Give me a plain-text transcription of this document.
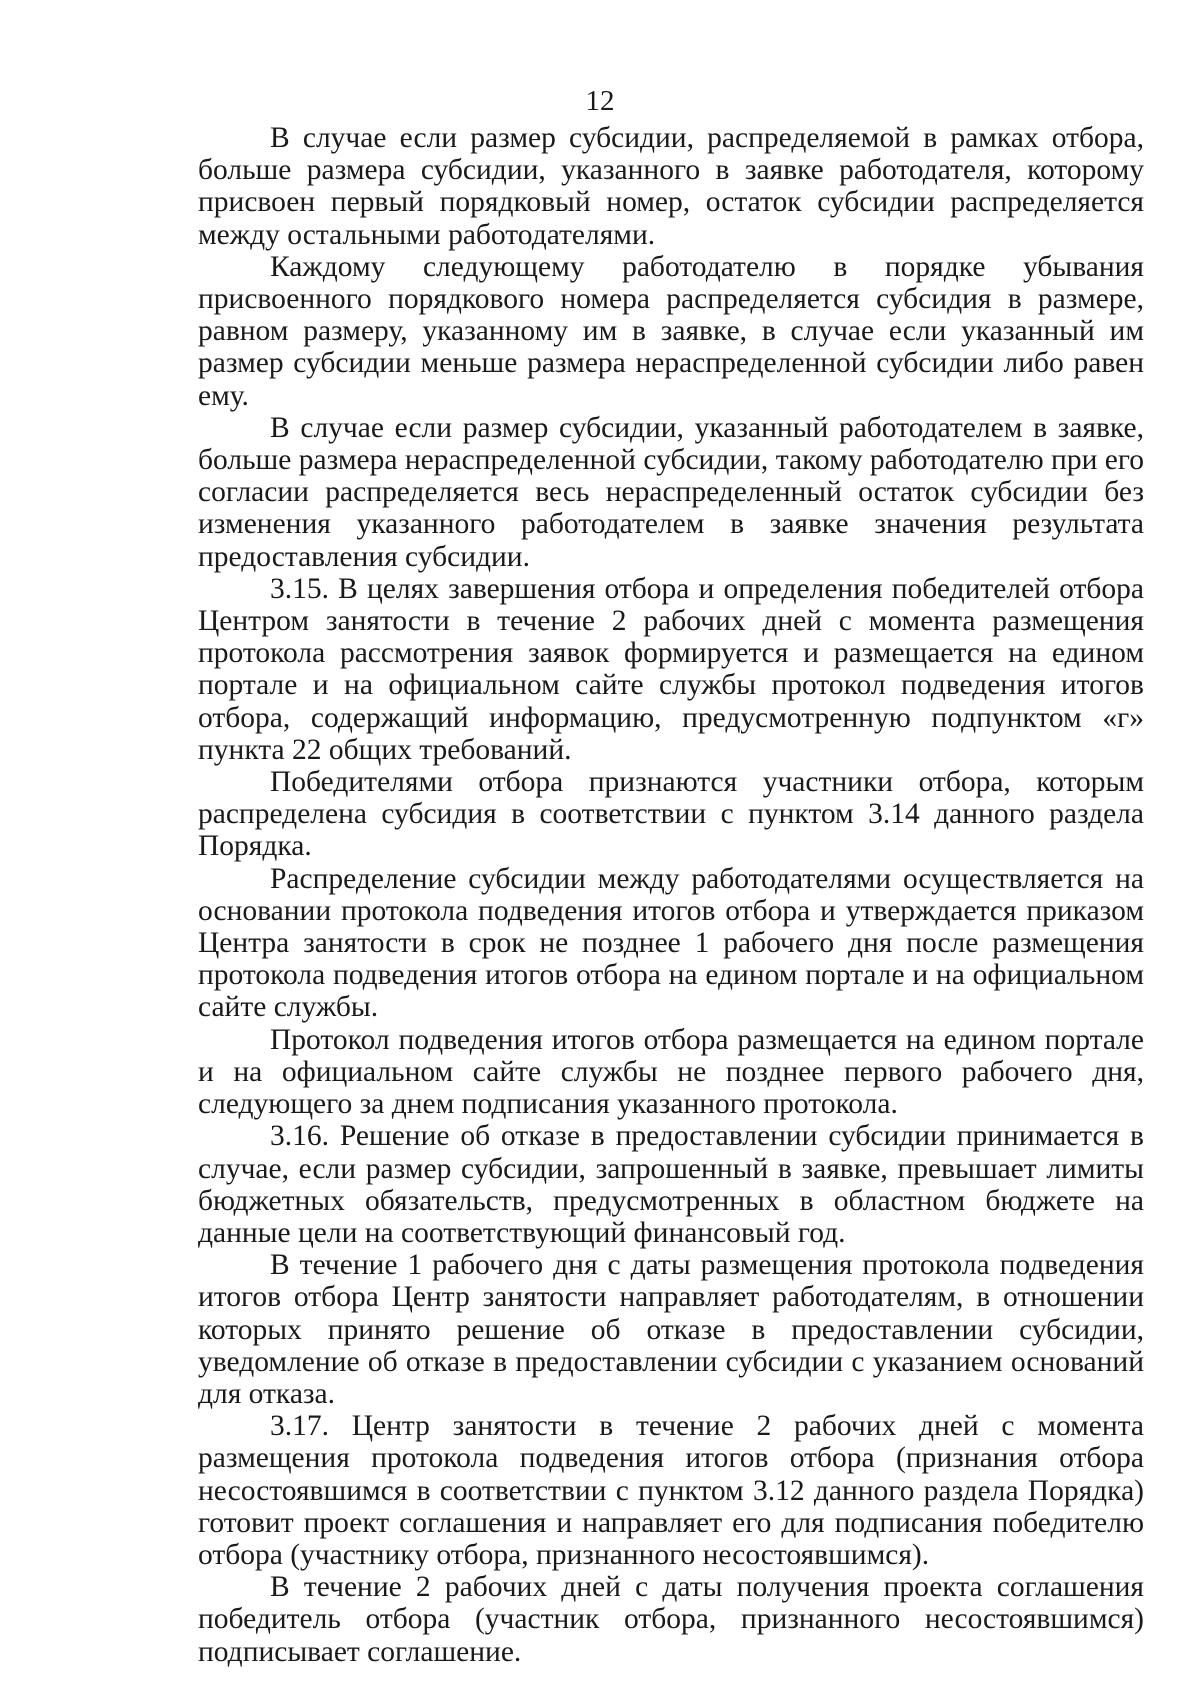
12

В случае если размер субсидии, распределяемой в рамках отбора, больше размера субсидии, указанного в заявке работодателя, которому присвоен первый порядковый номер, остаток субсидии распределяется между остальными работодателями.

Каждому следующему работодателю в порядке убывания присвоенного порядкового номера распределяется субсидия в размере, равном размеру, указанному им в заявке, в случае если указанный им размер субсидии меньше размера нераспределенной субсидии либо равен ему.

В случае если размер субсидии, указанный работодателем в заявке, больше размера нераспределенной субсидии, такому работодателю при его согласии распределяется весь нераспределенный остаток субсидии без изменения указанного работодателем в заявке значения результата предоставления субсидии.

3.15. В целях завершения отбора и определения победителей отбора Центром занятости в течение 2 рабочих дней с момента размещения протокола рассмотрения заявок формируется и размещается на едином портале и на официальном сайте службы протокол подведения итогов отбора, содержащий информацию, предусмотренную подпунктом «г» пункта 22 общих требований.

Победителями отбора признаются участники отбора, которым распределена субсидия в соответствии с пунктом 3.14 данного раздела Порядка.

Распределение субсидии между работодателями осуществляется на основании протокола подведения итогов отбора и утверждается приказом Центра занятости в срок не позднее 1 рабочего дня после размещения протокола подведения итогов отбора на едином портале и на официальном сайте службы.

Протокол подведения итогов отбора размещается на едином портале и на официальном сайте службы не позднее первого рабочего дня, следующего за днем подписания указанного протокола.

3.16. Решение об отказе в предоставлении субсидии принимается в случае, если размер субсидии, запрошенный в заявке, превышает лимиты бюджетных обязательств, предусмотренных в областном бюджете на данные цели на соответствующий финансовый год.

В течение 1 рабочего дня с даты размещения протокола подведения итогов отбора Центр занятости направляет работодателям, в отношении которых принято решение об отказе в предоставлении субсидии, уведомление об отказе в предоставлении субсидии с указанием оснований для отказа.

3.17. Центр занятости в течение 2 рабочих дней с момента размещения протокола подведения итогов отбора (признания отбора несостоявшимся в соответствии с пунктом 3.12 данного раздела Порядка) готовит проект соглашения и направляет его для подписания победителю отбора (участнику отбора, признанного несостоявшимся).

В течение 2 рабочих дней с даты получения проекта соглашения победитель отбора (участник отбора, признанного несостоявшимся) подписывает соглашение.
